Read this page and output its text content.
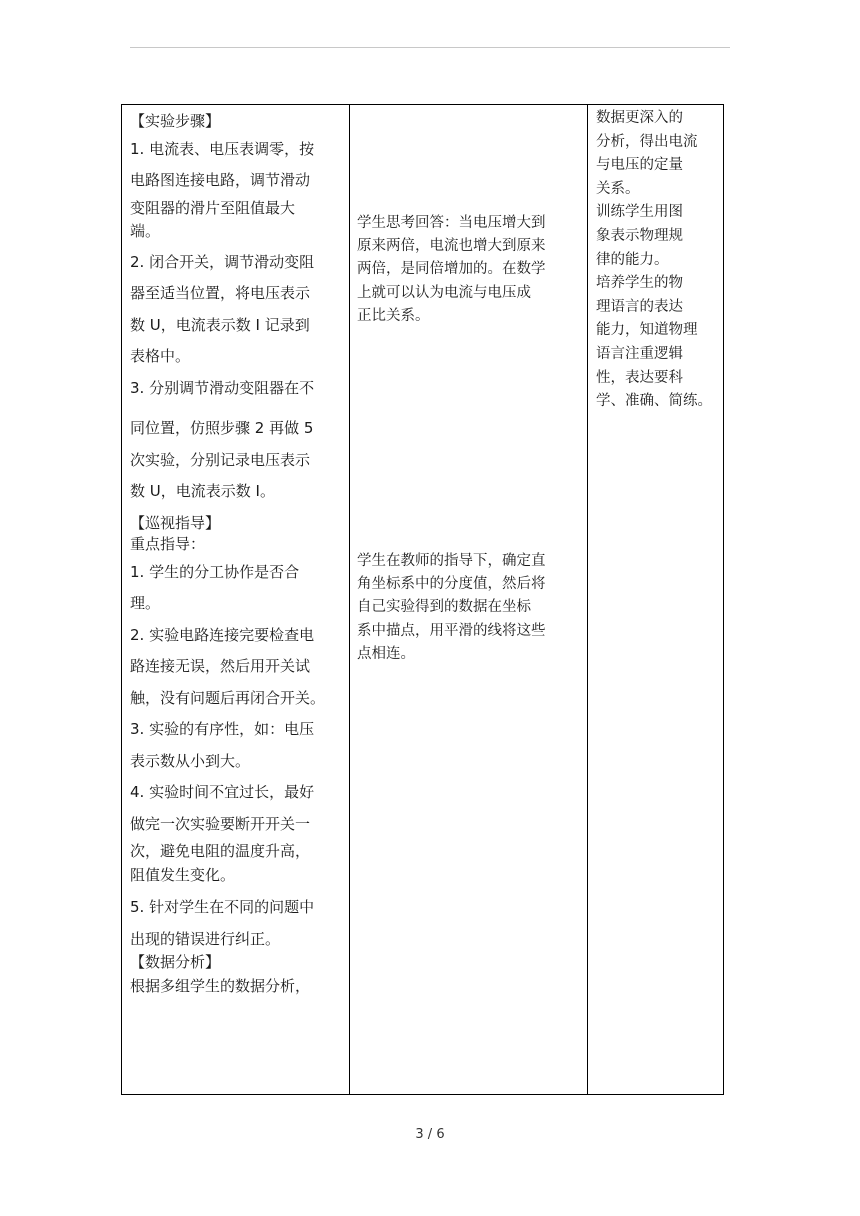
【实验步骤】
1. 电流表、电压表调零，按
电路图连接电路，调节滑动
变阻器的滑片至阻值最大
端。
2. 闭合开关，调节滑动变阻
器至适当位置，将电压表示
数 U，电流表示数 I 记录到
表格中。
3. 分别调节滑动变阻器在不
同位置，仿照步骤 2 再做 5
次实验，分别记录电压表示
数 U，电流表示数 I。
【巡视指导】
重点指导：
1. 学生的分工协作是否合
理。
2. 实验电路连接完要检查电
路连接无误，然后用开关试
触，没有问题后再闭合开关。
3. 实验的有序性，如：电压
表示数从小到大。
4. 实验时间不宜过长，最好
做完一次实验要断开开关一
次，避免电阻的温度升高，
阻值发生变化。
5. 针对学生在不同的问题中
出现的错误进行纠正。
【数据分析】
根据多组学生的数据分析，

学生思考回答：当电压增大到
原来两倍，电流也增大到原来
两倍，是同倍增加的。在数学
上就可以认为电流与电压成
正比关系。
学生在教师的指导下，确定直
角坐标系中的分度值，然后将
自己实验得到的数据在坐标
系中描点，用平滑的线将这些
点相连。

数据更深入的
分析，得出电流
与电压的定量
关系。
训练学生用图
象表示物理规
律的能力。
培养学生的物
理语言的表达
能力，知道物理
语言注重逻辑
性，表达要科
学、准确、简练。
3 / 6
